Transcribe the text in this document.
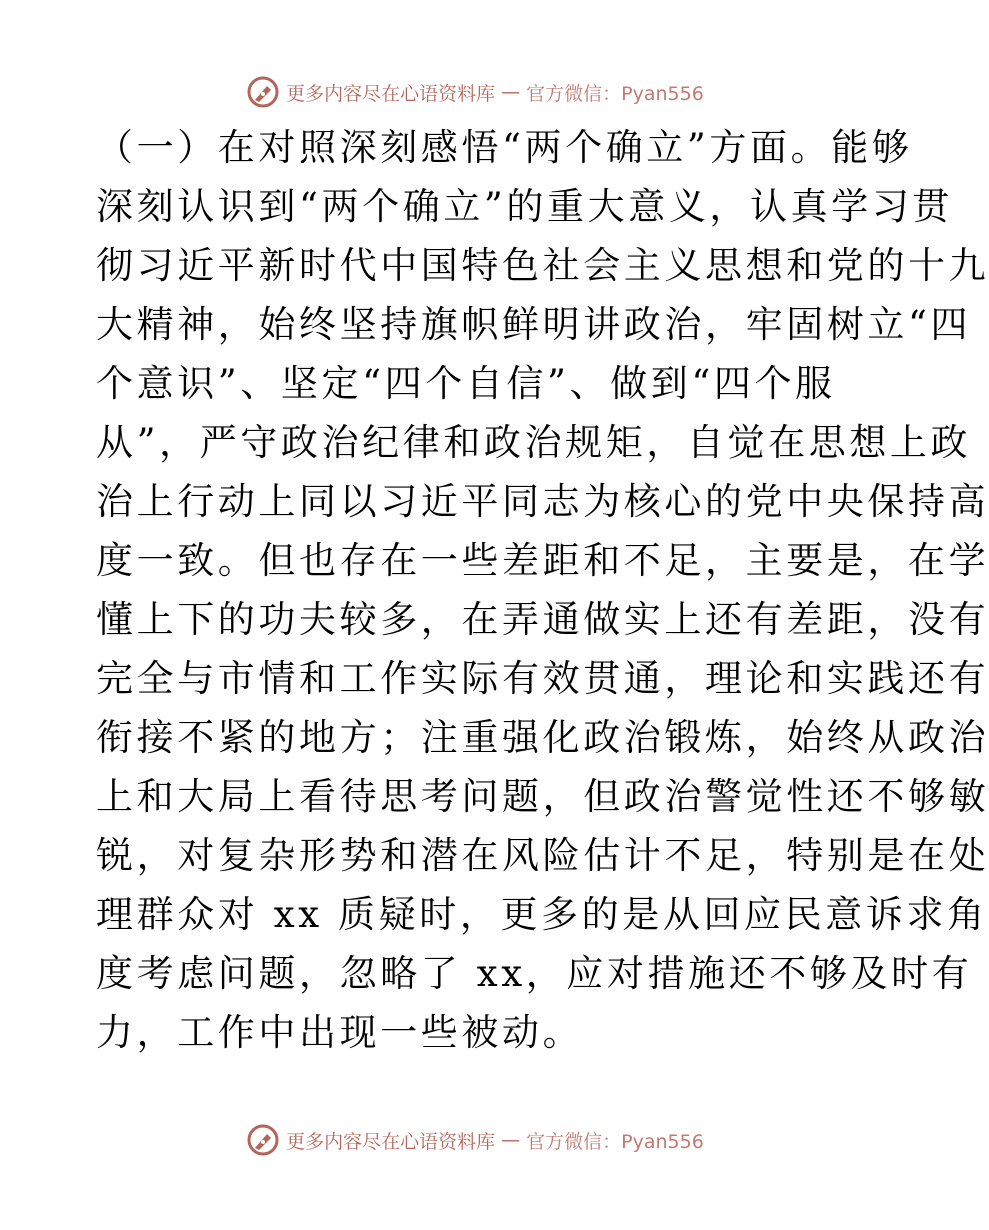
更多内容尽在心语资料库 — 官方微信：Pyan556
（一）在对照深刻感悟“两个确立”方面。能够
深刻认识到“两个确立”的重大意义，认真学习贯
彻习近平新时代中国特色社会主义思想和党的十九
大精神，始终坚持旗帜鲜明讲政治，牢固树立“四
个意识”、坚定“四个自信”、做到“四个服
从”，严守政治纪律和政治规矩，自觉在思想上政
治上行动上同以习近平同志为核心的党中央保持高
度一致。但也存在一些差距和不足，主要是，在学
懂上下的功夫较多，在弄通做实上还有差距，没有
完全与市情和工作实际有效贯通，理论和实践还有
衔接不紧的地方；注重强化政治锻炼，始终从政治
上和大局上看待思考问题，但政治警觉性还不够敏
锐，对复杂形势和潜在风险估计不足，特别是在处
理群众对 xx 质疑时，更多的是从回应民意诉求角
度考虑问题，忽略了 xx，应对措施还不够及时有
力，工作中出现一些被动。
更多内容尽在心语资料库 — 官方微信：Pyan556
